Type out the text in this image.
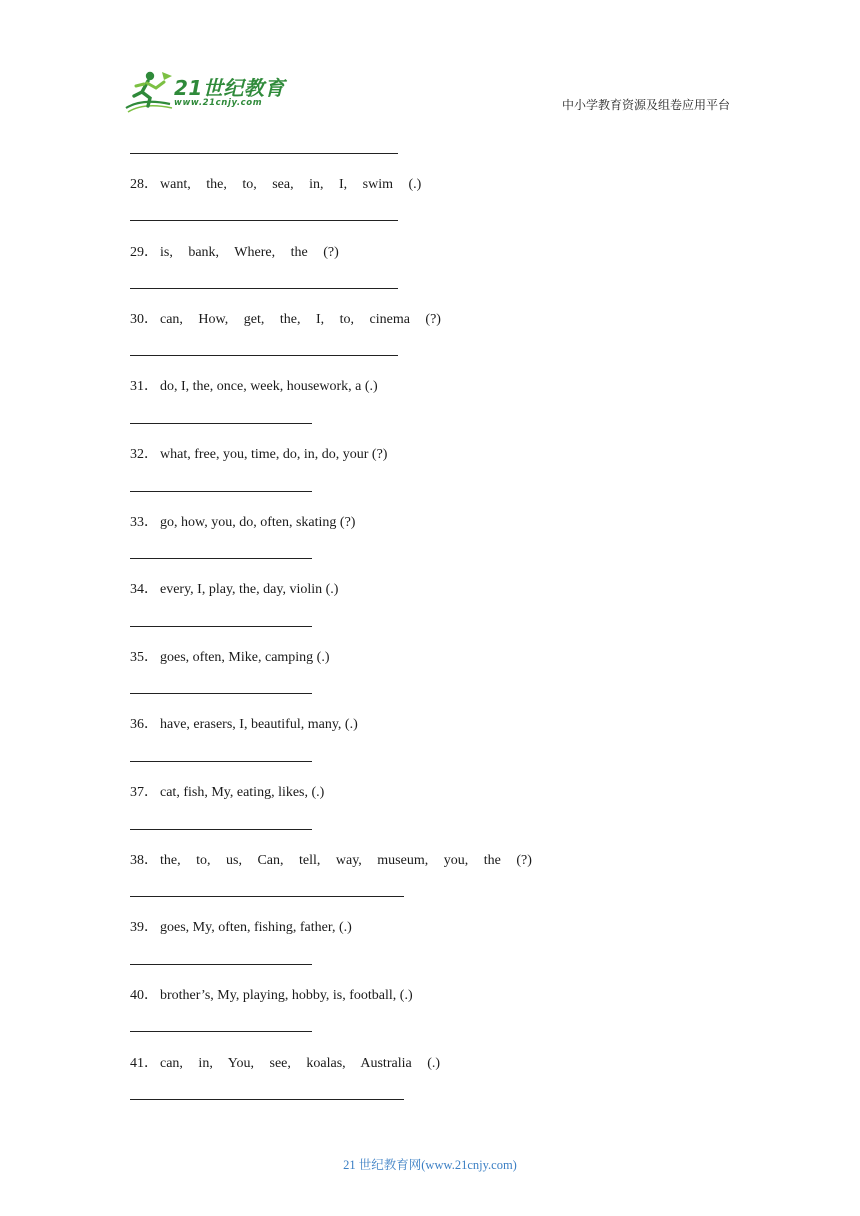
21世纪教育
www.21cnjy.com	中小学教育资源及组卷应用平台
28． want, the, to, sea, in, I, swim (.)
29． is, bank, Where, the (?)
30． can, How, get, the, I, to, cinema (?)
31． do, I, the, once, week, housework, a (.)
32． what, free, you, time, do, in, do, your (?)
33． go, how, you, do, often, skating (?)
34． every, I, play, the, day, violin (.)
35． goes, often, Mike, camping (.)
36． have, erasers, I, beautiful, many, (.)
37． cat, fish, My, eating, likes, (.)
38． the, to, us, Can, tell, way, museum, you, the (?)
39． goes, My, often, fishing, father, (.)
40． brother’s, My, playing, hobby, is, football, (.)
41． can, in, You, see, koalas, Australia (.)
21 世纪教育网(www.21cnjy.com)
